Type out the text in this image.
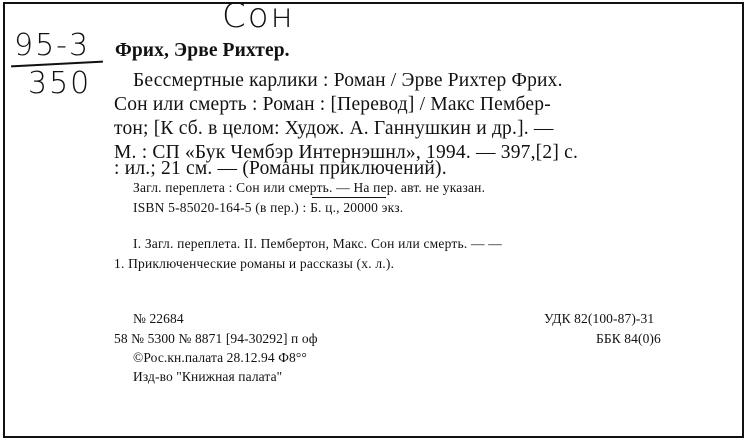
Сон
95-3
350
Фрих, Эрве Рихтер.
Бессмертные карлики : Роман / Эрве Рихтер Фрих.
Сон или смерть : Роман : [Перевод] / Макс Пембер-
тон; [К сб. в целом: Худож. А. Ганнушкин и др.]. —
М. : СП «Бук Чембэр Интернэшнл», 1994. — 397,[2] с.
: ил.; 21 см. — (Романы приключений).
Загл. переплета : Сон или смерть. — На пер. авт. не указан.
ISBN 5-85020-164-5 (в пер.) : Б. ц., 20000 экз.
I. Загл. переплета. II. Пембертон, Макс. Сон или смерть. — —
1. Приключенческие романы и рассказы (х. л.).
№ 22684
58 № 5300 № 8871 [94-30292] п оф
©Рос.кн.палата 28.12.94 Ф8°°
Изд-во "Книжная палата"
УДК 82(100-87)-31
ББК 84(0)6
